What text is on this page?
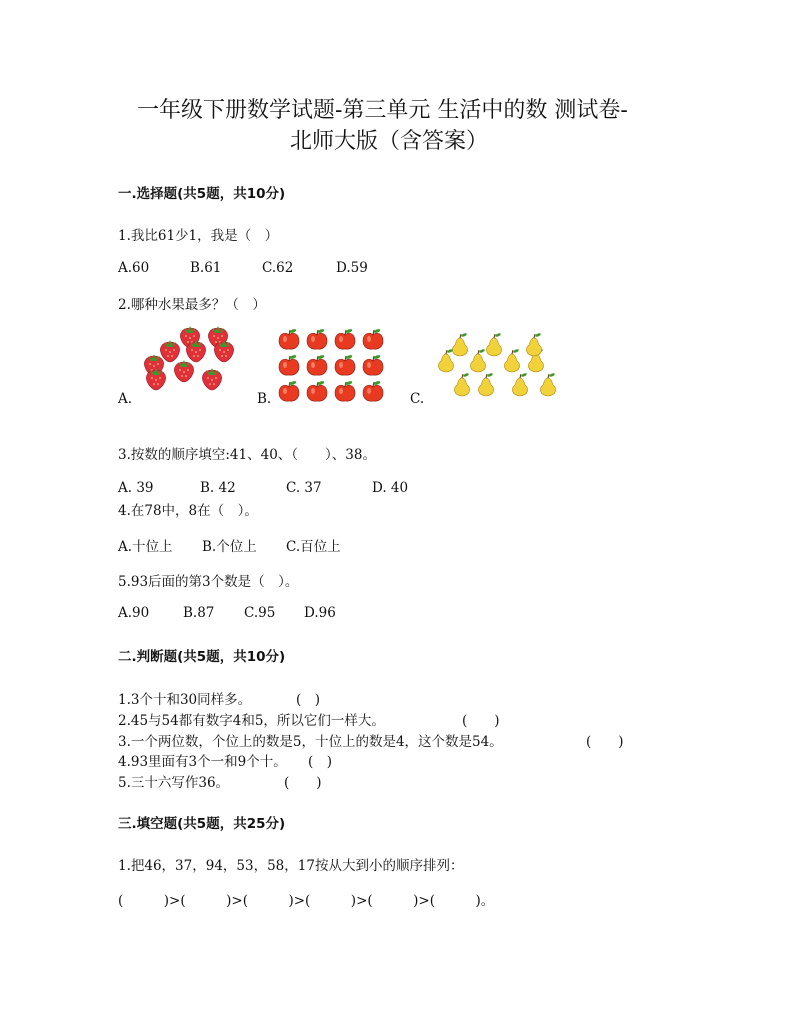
一年级下册数学试题-第三单元 生活中的数 测试卷-
北师大版（含答案）
一.选择题(共5题，共10分)
1.我比61少1，我是（　）
A.60	B.61	C.62	D.59
2.哪种水果最多？（　）
A.	B.	C.
3.按数的顺序填空:41、40、（　　）、38。
A. 39	B. 42	C. 37	D. 40
4.在78中，8在（　）。
A.十位上 B.个位上 C.百位上
5.93后面的第3个数是（　）。
A.90	B.87 C.95 D.96
二.判断题(共5题，共10分)
1.3个十和30同样多。	(　)
2.45与54都有数字4和5，所以它们一样大。	(　　)
3.一个两位数，个位上的数是5，十位上的数是4，这个数是54。	(　　)
4.93里面有3个一和9个十。 (　)
5.三十六写作36。	(　　)
三.填空题(共5题，共25分)
1.把46，37，94，53，58，17按从大到小的顺序排列：
(　　　)>(　　　)>(　　　)>(　　　)>(　　　)>(　　　)。
